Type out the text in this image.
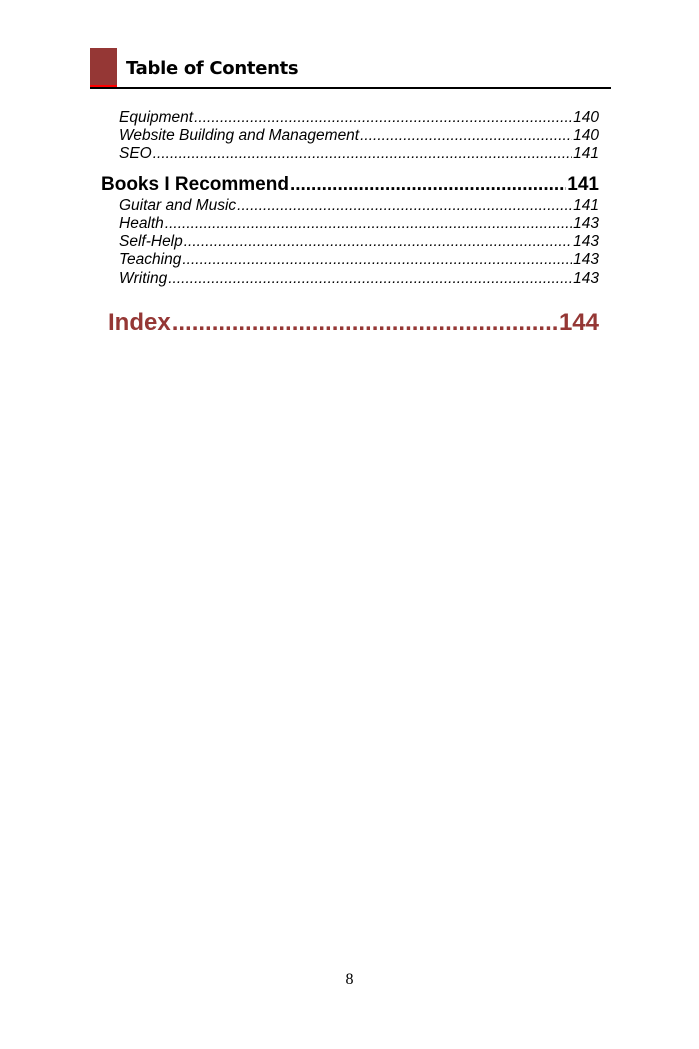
Table of Contents
Equipment .....	140
Website Building and Management .....	140
SEO .....	141
Books I Recommend .....	141
Guitar and Music .....	141
Health .....	143
Self-Help .....	143
Teaching .....	143
Writing .....	143
Index .....	144
8
